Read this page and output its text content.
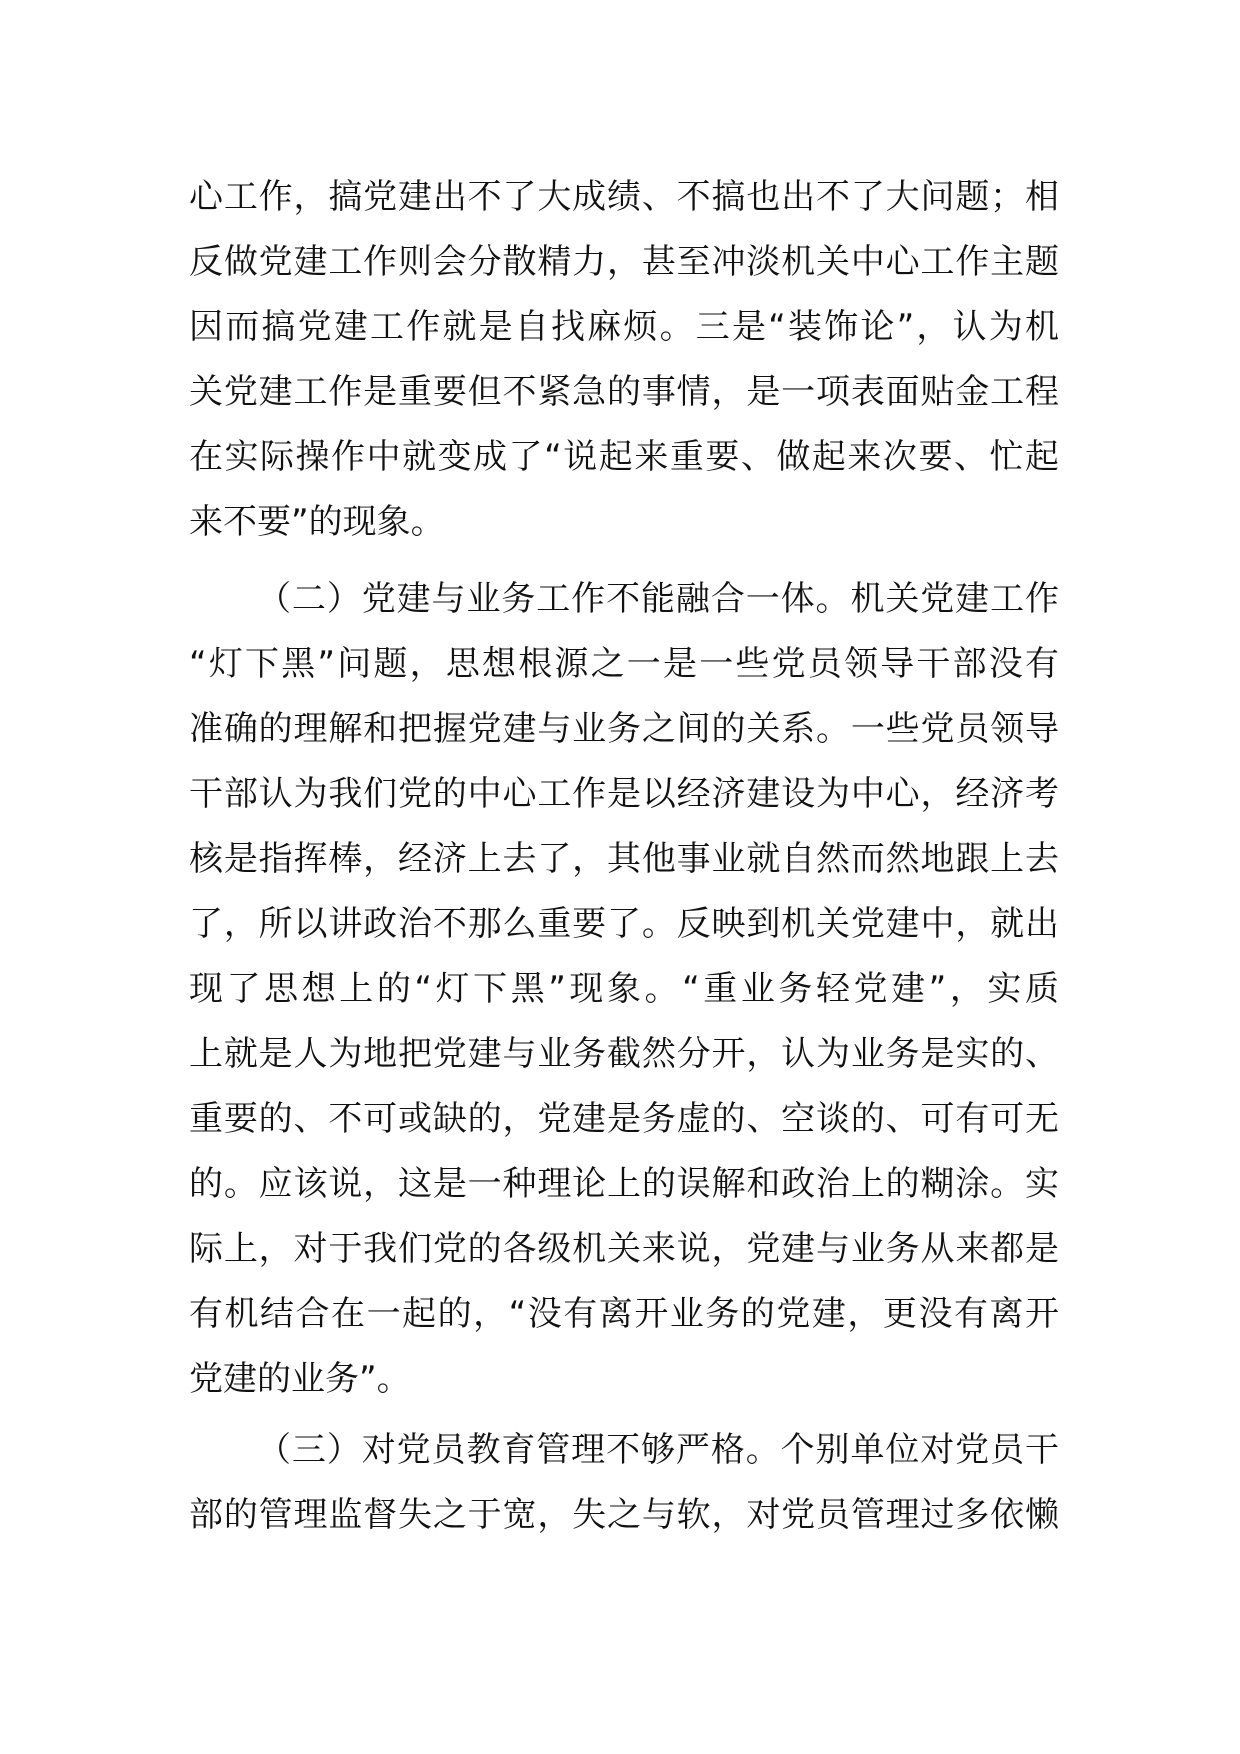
心工作，搞党建出不了大成绩、不搞也出不了大问题；相
反做党建工作则会分散精力，甚至冲淡机关中心工作主题
因而搞党建工作就是自找麻烦。三是“装饰论”，认为机
关党建工作是重要但不紧急的事情，是一项表面贴金工程
在实际操作中就变成了“说起来重要、做起来次要、忙起
来不要”的现象。
（二）党建与业务工作不能融合一体。机关党建工作
“灯下黑”问题，思想根源之一是一些党员领导干部没有
准确的理解和把握党建与业务之间的关系。一些党员领导
干部认为我们党的中心工作是以经济建设为中心，经济考
核是指挥棒，经济上去了，其他事业就自然而然地跟上去
了，所以讲政治不那么重要了。反映到机关党建中，就出
现了思想上的“灯下黑”现象。“重业务轻党建”，实质
上就是人为地把党建与业务截然分开，认为业务是实的、
重要的、不可或缺的，党建是务虚的、空谈的、可有可无
的。应该说，这是一种理论上的误解和政治上的糊涂。实
际上，对于我们党的各级机关来说，党建与业务从来都是
有机结合在一起的，“没有离开业务的党建，更没有离开
党建的业务”。
（三）对党员教育管理不够严格。个别单位对党员干
部的管理监督失之于宽，失之与软，对党员管理过多依懒
